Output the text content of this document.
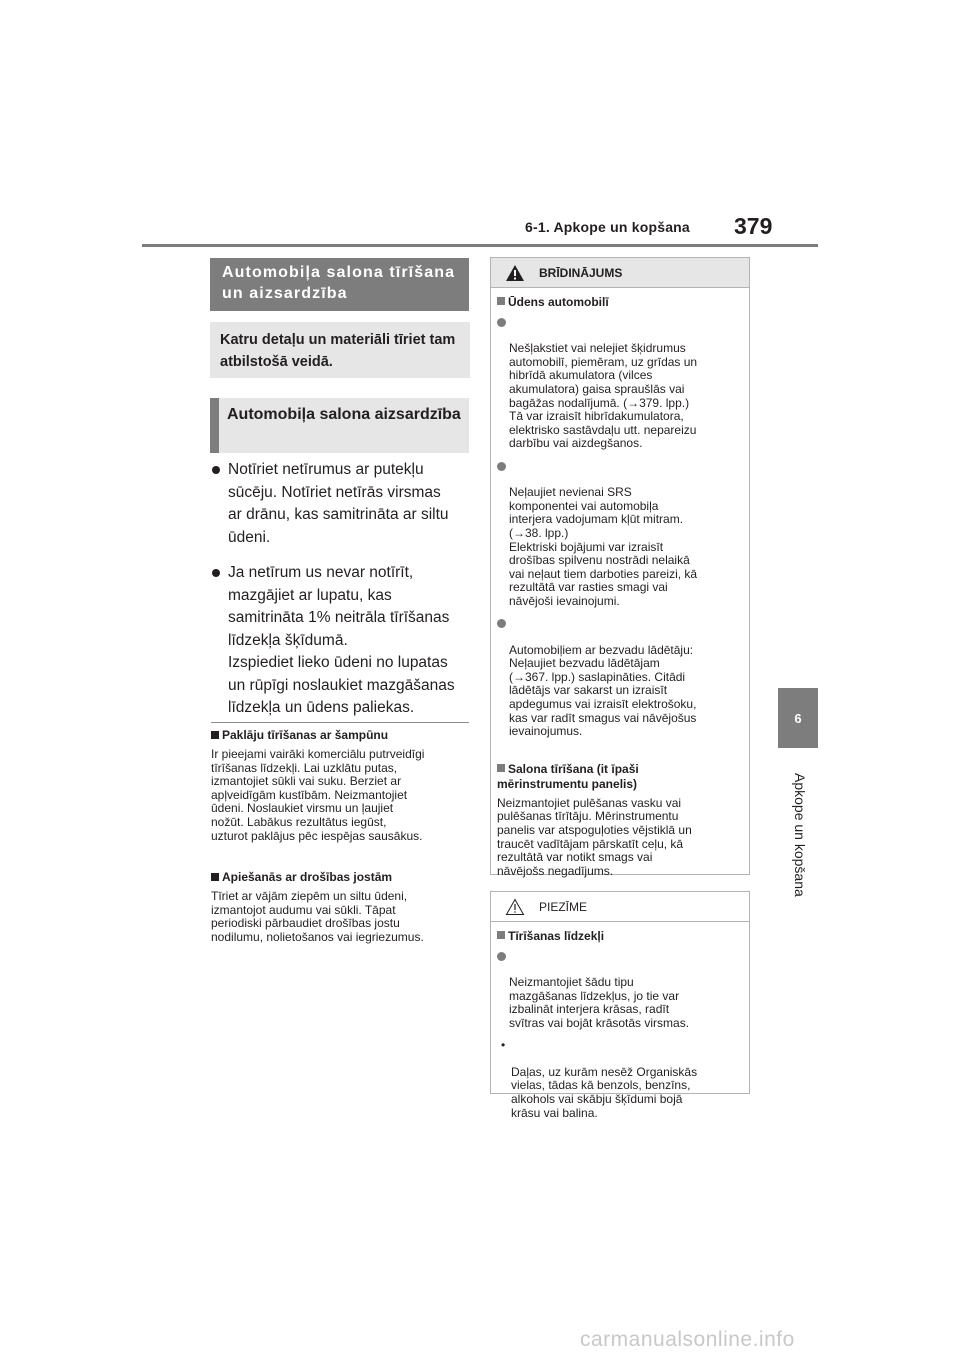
6-1. Apkope un kopšana 379
6
Apkope un kopšana
Automobiļa salona tīrīšana un aizsardzība
Katru detaļu un materiāli tīriet tam atbilstošā veidā.
Automobiļa salona aizsardzība
Notīriet netīrumus ar putekļu
sūcēju. Notīriet netīrās virsmas
ar drānu, kas samitrināta ar siltu
ūdeni.
Ja netīrum us nevar notīrīt,
mazgājiet ar lupatu, kas
samitrināta 1% neitrāla tīrīšanas
līdzekļa šķīdumā.
Izspiediet lieko ūdeni no lupatas
un rūpīgi noslaukiet mazgāšanas
līdzekļa un ūdens paliekas.
Paklāju tīrīšanas ar šampūnu
Ir pieejami vairāki komerciālu putrveidīgi
tīrīšanas līdzekļi. Lai uzklātu putas,
izmantojiet sūkli vai suku. Berziet ar
apļveidīgām kustībām. Neizmantojiet
ūdeni. Noslaukiet virsmu un ļaujiet
nožūt. Labākus rezultātus iegūst,
uzturot paklājus pēc iespējas sausākus.
Apiešanās ar drošības jostām
Tīriet ar vājām ziepēm un siltu ūdeni,
izmantojot audumu vai sūkli. Tāpat
periodiski pārbaudiet drošības jostu
nodilumu, nolietošanos vai iegriezumus.
BRĪDINĀJUMS
Ūdens automobilī

Nešļakstiet vai nelejiet šķidrumus
automobilī, piemēram, uz grīdas un
hibrīdā akumulatora (vilces
akumulatora) gaisa spraušlās vai
bagāžas nodalījumā. (→379. lpp.)
Tā var izraisīt hibrīdakumulatora,
elektrisko sastāvdaļu utt. nepareizu
darbību vai aizdegšanos.

Neļaujiet nevienai SRS
komponentei vai automobiļa
interjera vadojumam kļūt mitram.
(→38. lpp.)
Elektriski bojājumi var izraisīt
drošības spilvenu nostrādi nelaikā
vai neļaut tiem darboties pareizi, kā
rezultātā var rasties smagi vai
nāvējoši ievainojumi.

Automobiļiem ar bezvadu lādētāju:
Neļaujiet bezvadu lādētājam
(→367. lpp.) saslapināties. Citādi
lādētājs var sakarst un izraisīt
apdegumus vai izraisīt elektrošoku,
kas var radīt smagus vai nāvējošus
ievainojumus.

Salona tīrīšana (it īpaši
mērinstrumentu panelis)

Neizmantojiet pulēšanas vasku vai
pulēšanas tīrītāju. Mērinstrumentu
panelis var atspoguļoties vējstiklā un
traucēt vadītājam pārskatīt ceļu, kā
rezultātā var notikt smags vai
nāvējošs negadījums.
PIEZĪME
Tīrīšanas līdzekļi

Neizmantojiet šādu tipu
mazgāšanas līdzekļus, jo tie var
izbalināt interjera krāsas, radīt
svītras vai bojāt krāsotās virsmas.

•

Daļas, uz kurām nesēž Organiskās
vielas, tādas kā benzols, benzīns,
alkohols vai skābju šķīdumi bojā
krāsu vai balina.

carmanualsonline.info
